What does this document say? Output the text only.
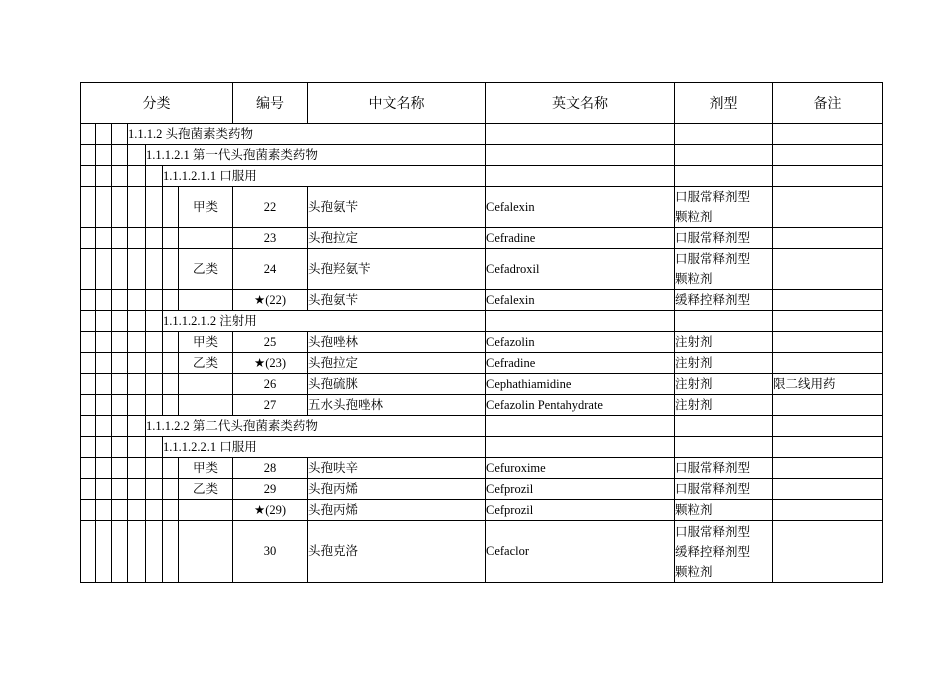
分类							编号	中文名称	英文名称	剂型	备注
			1.1.1.2 头孢菌素类药物								
				1.1.1.2.1 第一代头孢菌素类药物							
					1.1.1.2.1.1 口服用						
						甲类	22	头孢氨苄	Cefalexin	口服常释剂型
颗粒剂	

							23	头孢拉定	Cefradine	口服常释剂型	

						乙类	24	头孢羟氨苄	Cefadroxil	口服常释剂型
颗粒剂	

							★(22)	头孢氨苄	Cefalexin	缓释控释剂型	

					1.1.1.2.1.2 注射用						
						甲类	25	头孢唑林	Cefazolin	注射剂	

						乙类	★(23)	头孢拉定	Cefradine	注射剂	

							26	头孢硫脒	Cephathiamidine	注射剂	限二线用药
							27	五水头孢唑林	Cefazolin Pentahydrate	注射剂	

				1.1.1.2.2 第二代头孢菌素类药物							
					1.1.1.2.2.1 口服用						
						甲类	28	头孢呋辛	Cefuroxime	口服常释剂型	

						乙类	29	头孢丙烯	Cefprozil	口服常释剂型	

							★(29)	头孢丙烯	Cefprozil	颗粒剂	

							30	头孢克洛	Cefaclor	口服常释剂型
缓释控释剂型
颗粒剂	
